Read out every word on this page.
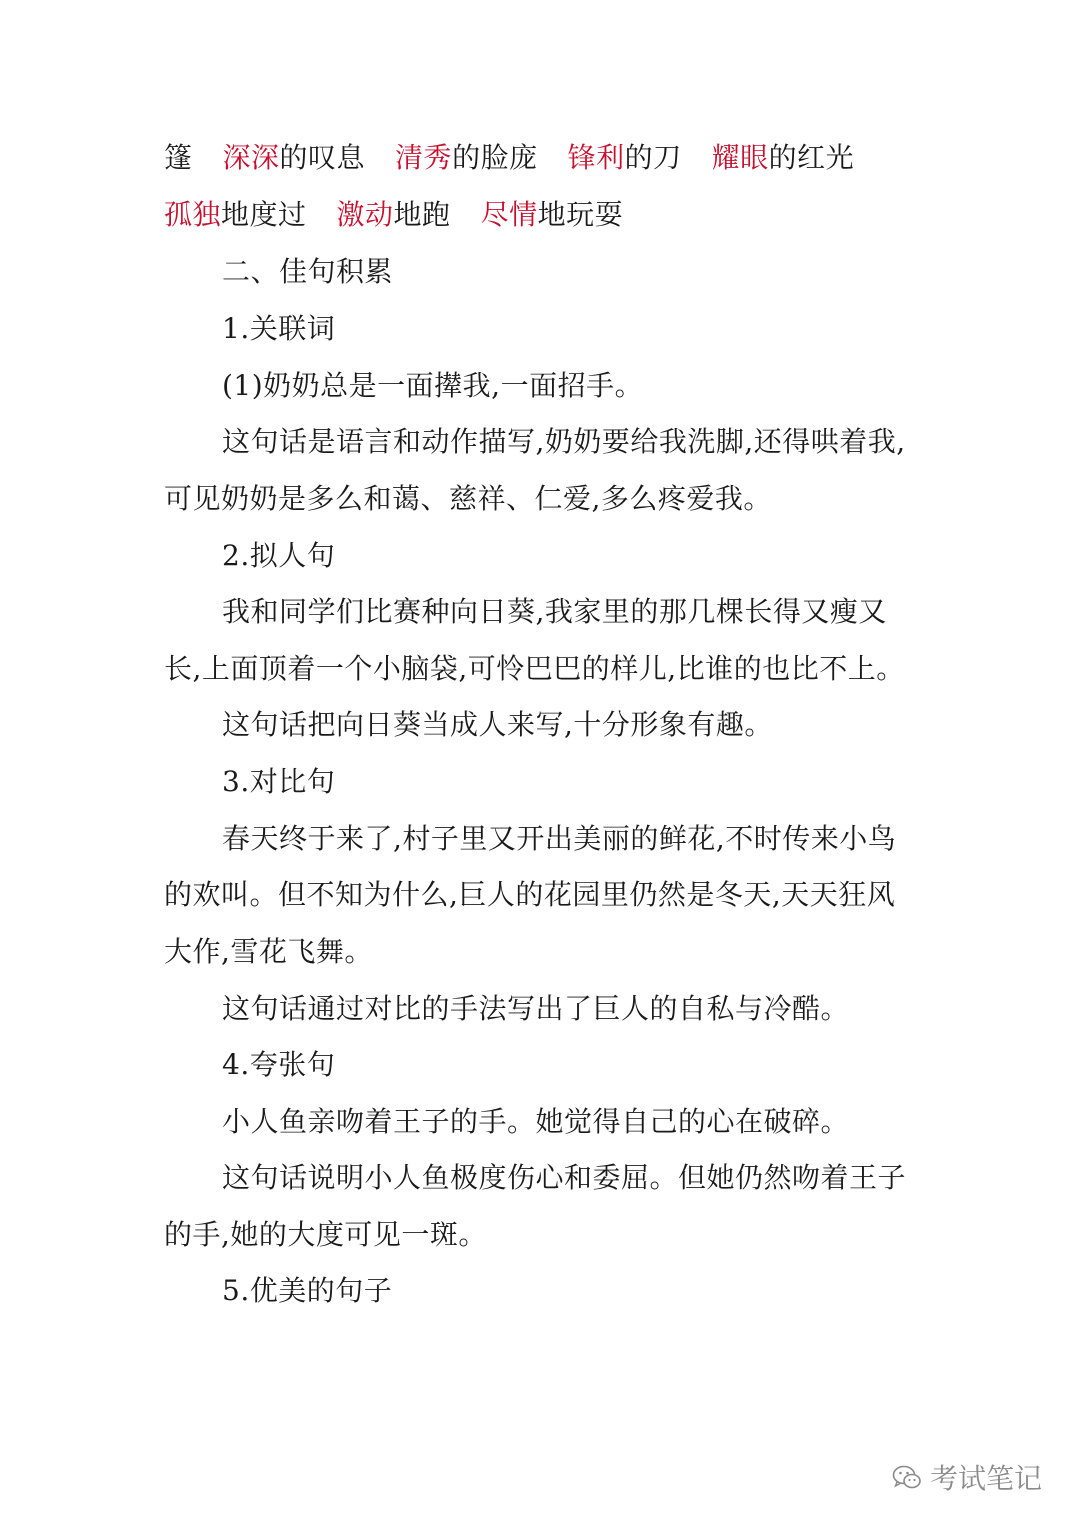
篷 深深的叹息 清秀的脸庞 锋利的刀 耀眼的红光
孤独地度过 激动地跑 尽情地玩耍
二、佳句积累
1.关联词
(1)奶奶总是一面撵我,一面招手。
这句话是语言和动作描写,奶奶要给我洗脚,还得哄着我,
可见奶奶是多么和蔼、慈祥、仁爱,多么疼爱我。
2.拟人句
我和同学们比赛种向日葵,我家里的那几棵长得又瘦又
长,上面顶着一个小脑袋,可怜巴巴的样儿,比谁的也比不上。
这句话把向日葵当成人来写,十分形象有趣。
3.对比句
春天终于来了,村子里又开出美丽的鲜花,不时传来小鸟
的欢叫。但不知为什么,巨人的花园里仍然是冬天,天天狂风
大作,雪花飞舞。
这句话通过对比的手法写出了巨人的自私与冷酷。
4.夸张句
小人鱼亲吻着王子的手。她觉得自己的心在破碎。
这句话说明小人鱼极度伤心和委屈。但她仍然吻着王子
的手,她的大度可见一斑。
5.优美的句子
考试笔记
